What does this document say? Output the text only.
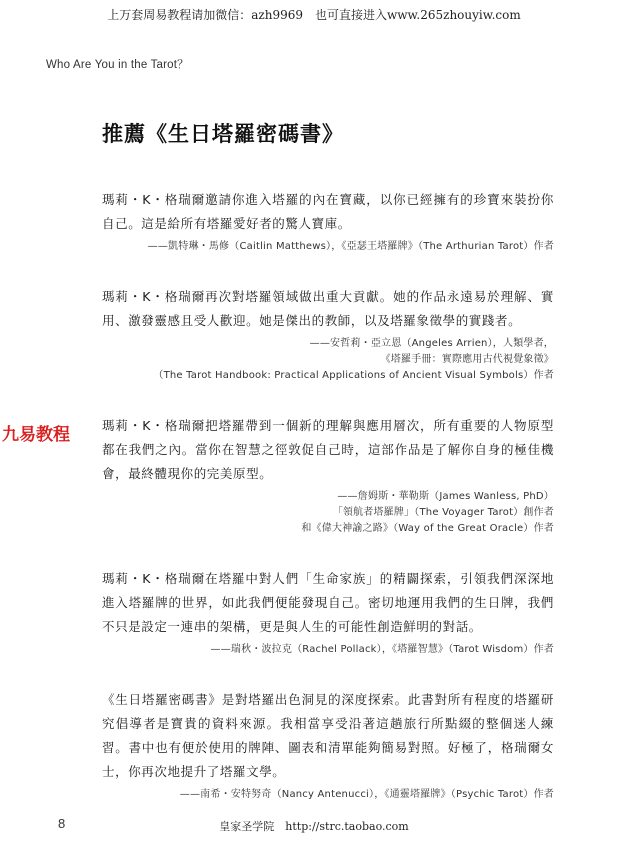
上万套周易教程请加微信：azh9969　也可直接进入www.265zhouyiw.com
Who Are You in the Tarot？
九易教程
推薦《生日塔羅密碼書》

瑪莉・K・格瑞爾邀請你進入塔羅的內在寶藏，以你已經擁有的珍寶來裝扮你自己。這是給所有塔羅愛好者的驚人寶庫。

——凱特琳・馬修（Caitlin Matthews），《亞瑟王塔羅牌》（The Arthurian Tarot）作者

瑪莉・K・格瑞爾再次對塔羅領域做出重大貢獻。她的作品永遠易於理解、實用、激發靈感且受人歡迎。她是傑出的教師，以及塔羅象徵學的實踐者。

——安哲莉・亞立恩（Angeles Arrien），人類學者，
《塔羅手冊：實際應用古代視覺象徵》
（The Tarot Handbook: Practical Applications of Ancient Visual Symbols）作者

瑪莉・K・格瑞爾把塔羅帶到一個新的理解與應用層次，所有重要的人物原型都在我們之內。當你在智慧之徑敦促自己時，這部作品是了解你自身的極佳機會，最終體現你的完美原型。

——詹姆斯・華勒斯（James Wanless, PhD）
「領航者塔羅牌」（The Voyager Tarot）創作者
和《偉大神諭之路》（Way of the Great Oracle）作者

瑪莉・K・格瑞爾在塔羅中對人們「生命家族」的精闢探索，引領我們深深地進入塔羅牌的世界，如此我們便能發現自己。密切地運用我們的生日牌，我們不只是設定一連串的架構，更是與人生的可能性創造鮮明的對話。

——瑞秋・波拉克（Rachel Pollack），《塔羅智慧》（Tarot Wisdom）作者

《生日塔羅密碼書》是對塔羅出色洞見的深度探索。此書對所有程度的塔羅研究倡導者是寶貴的資料來源。我相當享受沿著這趟旅行所點綴的整個迷人練習。書中也有便於使用的牌陣、圖表和清單能夠簡易對照。好極了，格瑞爾女士，你再次地提升了塔羅文學。

——南希・安特努奇（Nancy Antenucci），《通靈塔羅牌》（Psychic Tarot）作者
8	皇家圣学院　http://strc.taobao.com
